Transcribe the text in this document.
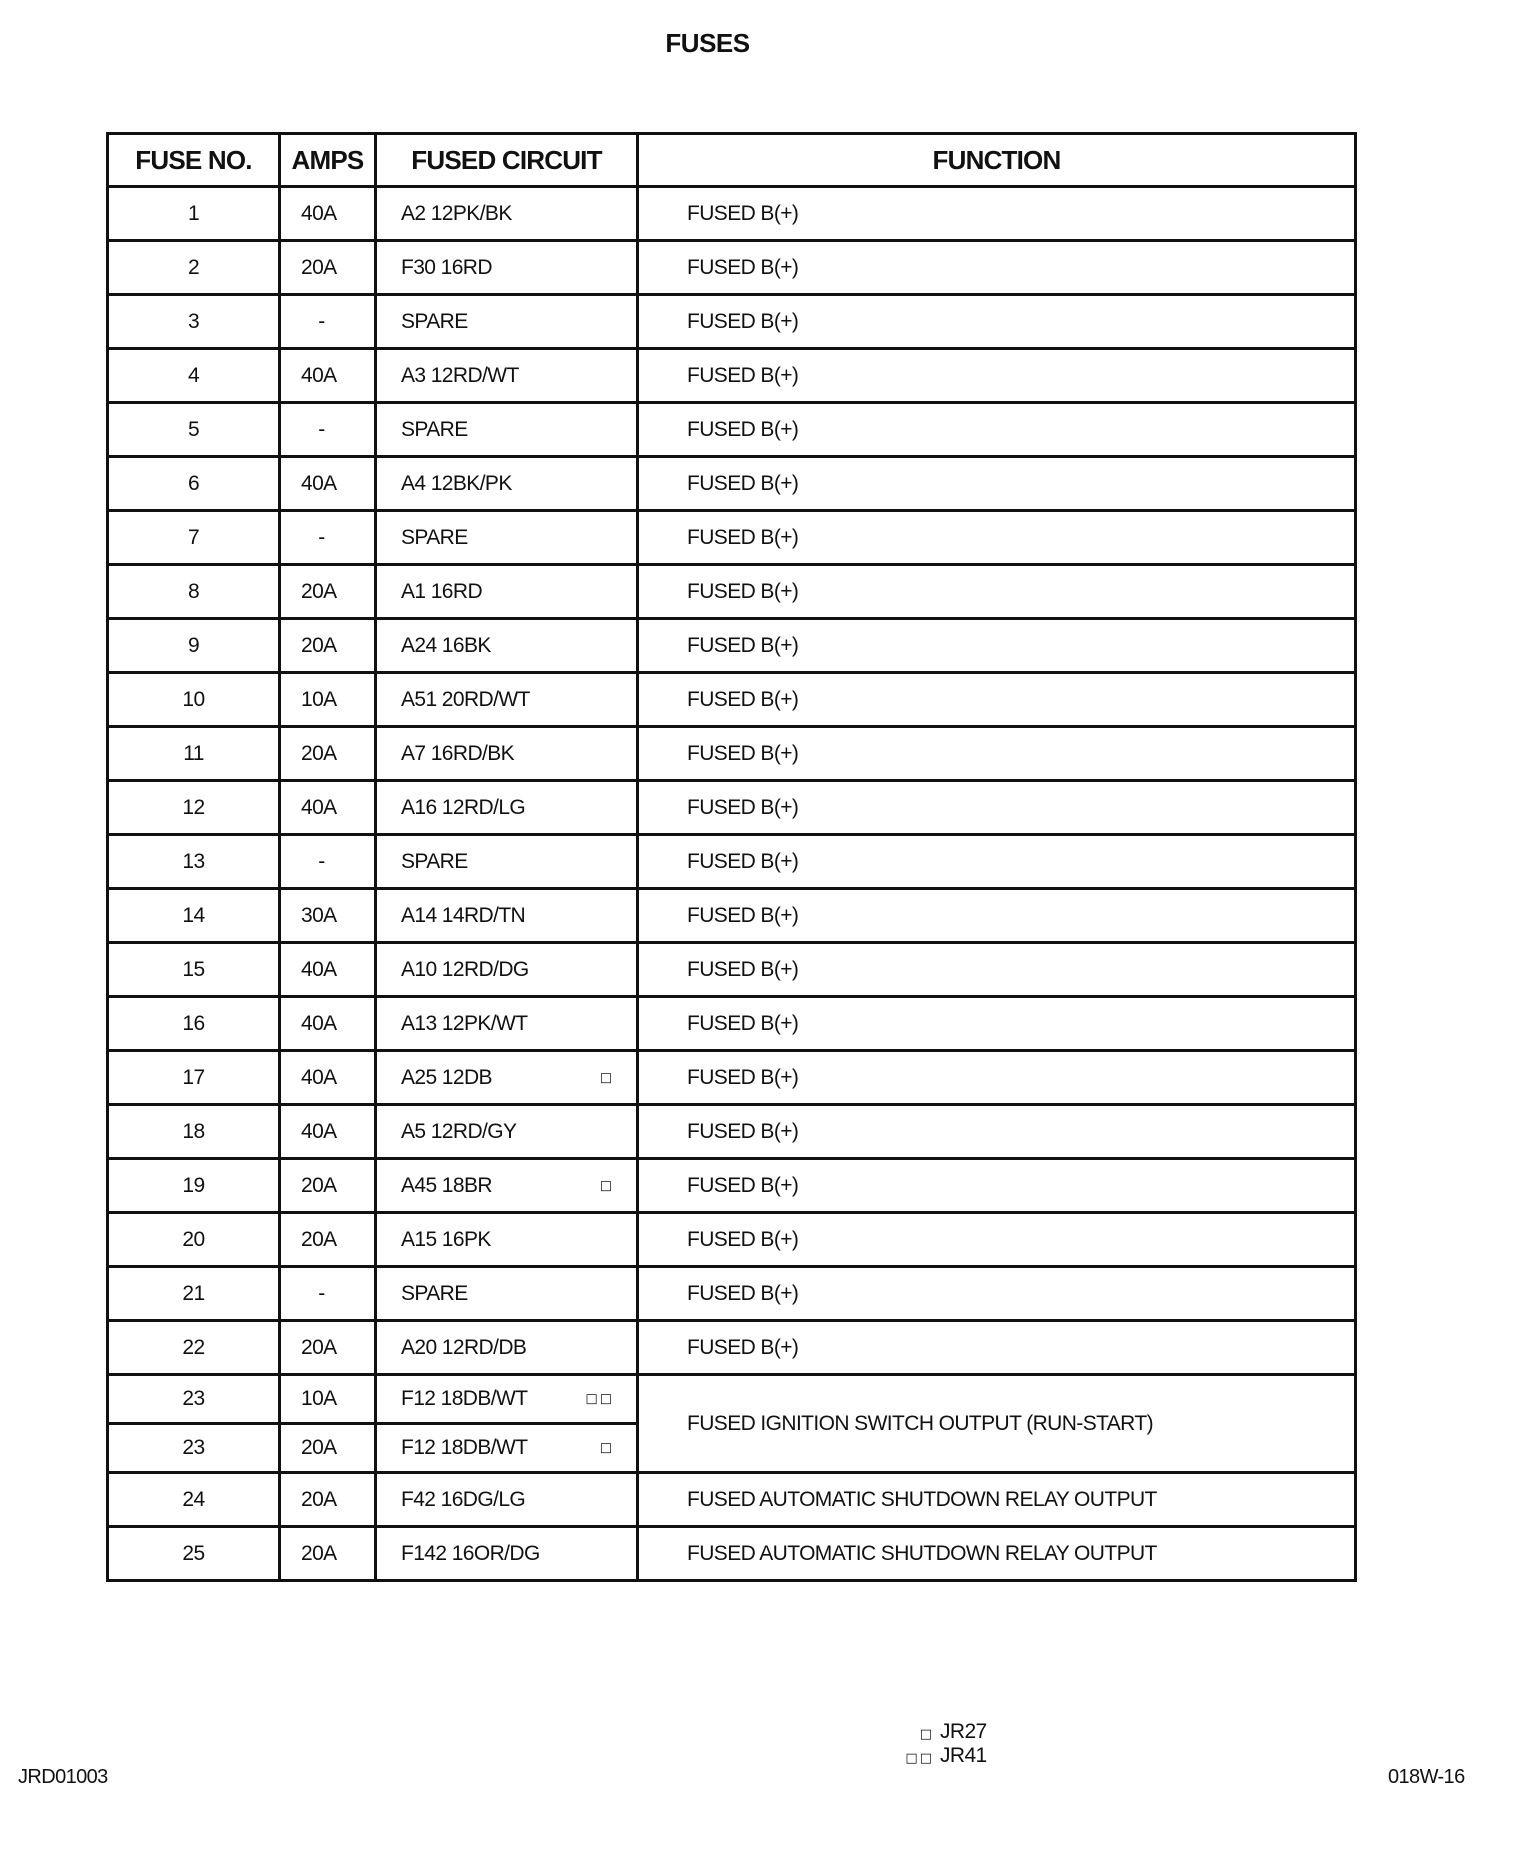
FUSES
FUSE NO.	AMPS	FUSED CIRCUIT	FUNCTION
1	40A	A2 12PK/BK	FUSED B(+)
2	20A	F30 16RD	FUSED B(+)
3	-	SPARE	FUSED B(+)
4	40A	A3 12RD/WT	FUSED B(+)
5	-	SPARE	FUSED B(+)
6	40A	A4 12BK/PK	FUSED B(+)
7	-	SPARE	FUSED B(+)
8	20A	A1 16RD	FUSED B(+)
9	20A	A24 16BK	FUSED B(+)
10	10A	A51 20RD/WT	FUSED B(+)
11	20A	A7 16RD/BK	FUSED B(+)
12	40A	A16 12RD/LG	FUSED B(+)
13	-	SPARE	FUSED B(+)
14	30A	A14 14RD/TN	FUSED B(+)
15	40A	A10 12RD/DG	FUSED B(+)
16	40A	A13 12PK/WT	FUSED B(+)
17	40A	A25 12DB □	FUSED B(+)
18	40A	A5 12RD/GY	FUSED B(+)
19	20A	A45 18BR □	FUSED B(+)
20	20A	A15 16PK	FUSED B(+)
21	-	SPARE	FUSED B(+)
22	20A	A20 12RD/DB	FUSED B(+)
23	10A	F12 18DB/WT □□	FUSED IGNITION SWITCH OUTPUT (RUN-START)
23	20A	F12 18DB/WT □	

24	20A	F42 16DG/LG	FUSED AUTOMATIC SHUTDOWN RELAY OUTPUT
25	20A	F142 16OR/DG	FUSED AUTOMATIC SHUTDOWN RELAY OUTPUT
□ JR27
□□ JR41
JRD01003	018W-16
